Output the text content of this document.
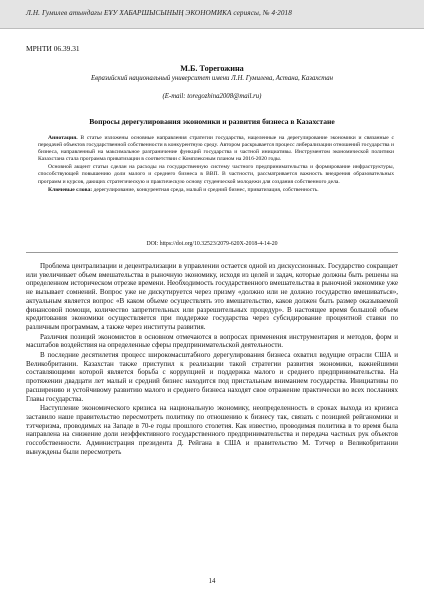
Л.Н. Гумилев атындағы ЕҰУ ХАБАРШЫСЫНЫҢ ЭКОНОМИКА сериясы, № 4·2018
МРНТИ 06.39.31
М.Б. Торегожина
Евразийский национальный университет имени Л.Н. Гумилева, Астана, Казахстан
(E-mail: toregozhina2008@mail.ru)
Вопросы дерегулирования экономики и развития бизнеса в Казахстане

Аннотация. В статье изложены основные направления стратегии государства, нацеленные на дерегулирование экономики и связанные с передачей объектов государственной собственности в конкурентную среду. Автором раскрывается процесс либерализации отношений государства и бизнеса, направленный на максимальное разграничение функций государства и частной инициативы. Инструментом экономической политики Казахстана стала программа приватизации в соответствии с Комплексным планом на 2016-2020 годы.

Основной акцент статьи сделан на расходы на государственную систему частного предпринимательства и формирование инфраструктуры, способствующей повышению доли малого и среднего бизнеса в ВВП. В частности, рассматривается важность внедрения образовательных программ и курсов, дающих стратегическую и практическую основу студенческой молодежи для создания собственного дела.

Ключевые слова: дерегулирование, конкурентная среда, малый и средний бизнес, приватизация, собственность.

DOI: https://doi.org/10.32523/2079-620X-2018-4-14-20

Проблема централизации и децентрализации в управлении остается одной из дискуссионных. Государство сокращает или увеличивает объем вмешательства в рыночную экономику, исходя из целей и задач, которые должны быть решены на определенном историческом отрезке времени. Необходимость государственного вмешательства в рыночной экономике уже не вызывает сомнений. Вопрос уже не дискутируется через призму «должно или не должно государство вмешиваться», актуальным является вопрос «В каком объеме осуществлять это вмешательство, каков должен быть размер оказываемой финансовой помощи, количество запретительных или разрешительных процедур». В настоящее время большой объем кредитования экономики осуществляется при поддержке государства через субсидирование процентной ставки по различным программам, а также через институты развития.

Различия позиций экономистов в основном отмечаются в вопросах применения инструментария и методов, форм и масштабов воздействия на определенные сферы предпринимательской деятельности.

В последние десятилетия процесс широкомасштабного дерегулирования бизнеса охватил ведущие отрасли США и Великобритании. Казахстан также приступил к реализации такой стратегии развития экономики, важнейшими составляющими которой является борьба с коррупцией и поддержка малого и среднего предпринимательства. На протяжении двадцати лет малый и средний бизнес находится под пристальным вниманием государства. Инициативы по расширению и устойчивому развитию малого и среднего бизнеса находят свое отражение практически во всех посланиях Главы государства.

Наступление экономического кризиса на национальную экономику, неопределенность в сроках выхода из кризиса заставило наше правительство пересмотреть политику по отношению к бизнесу так, связать с позицией рейганомики и тэтчеризма, проводимых на Западе в 70-е годы прошлого столетия. Как известно, проводимая политика в то время была направлена на снижение доли неэффективного государственного предпринимательства и передача частных рук объектов госсобственности. Администрация президента Д. Рейгана в США и правительство М. Тэтчер в Великобритании вынуждены были пересмотреть

14
